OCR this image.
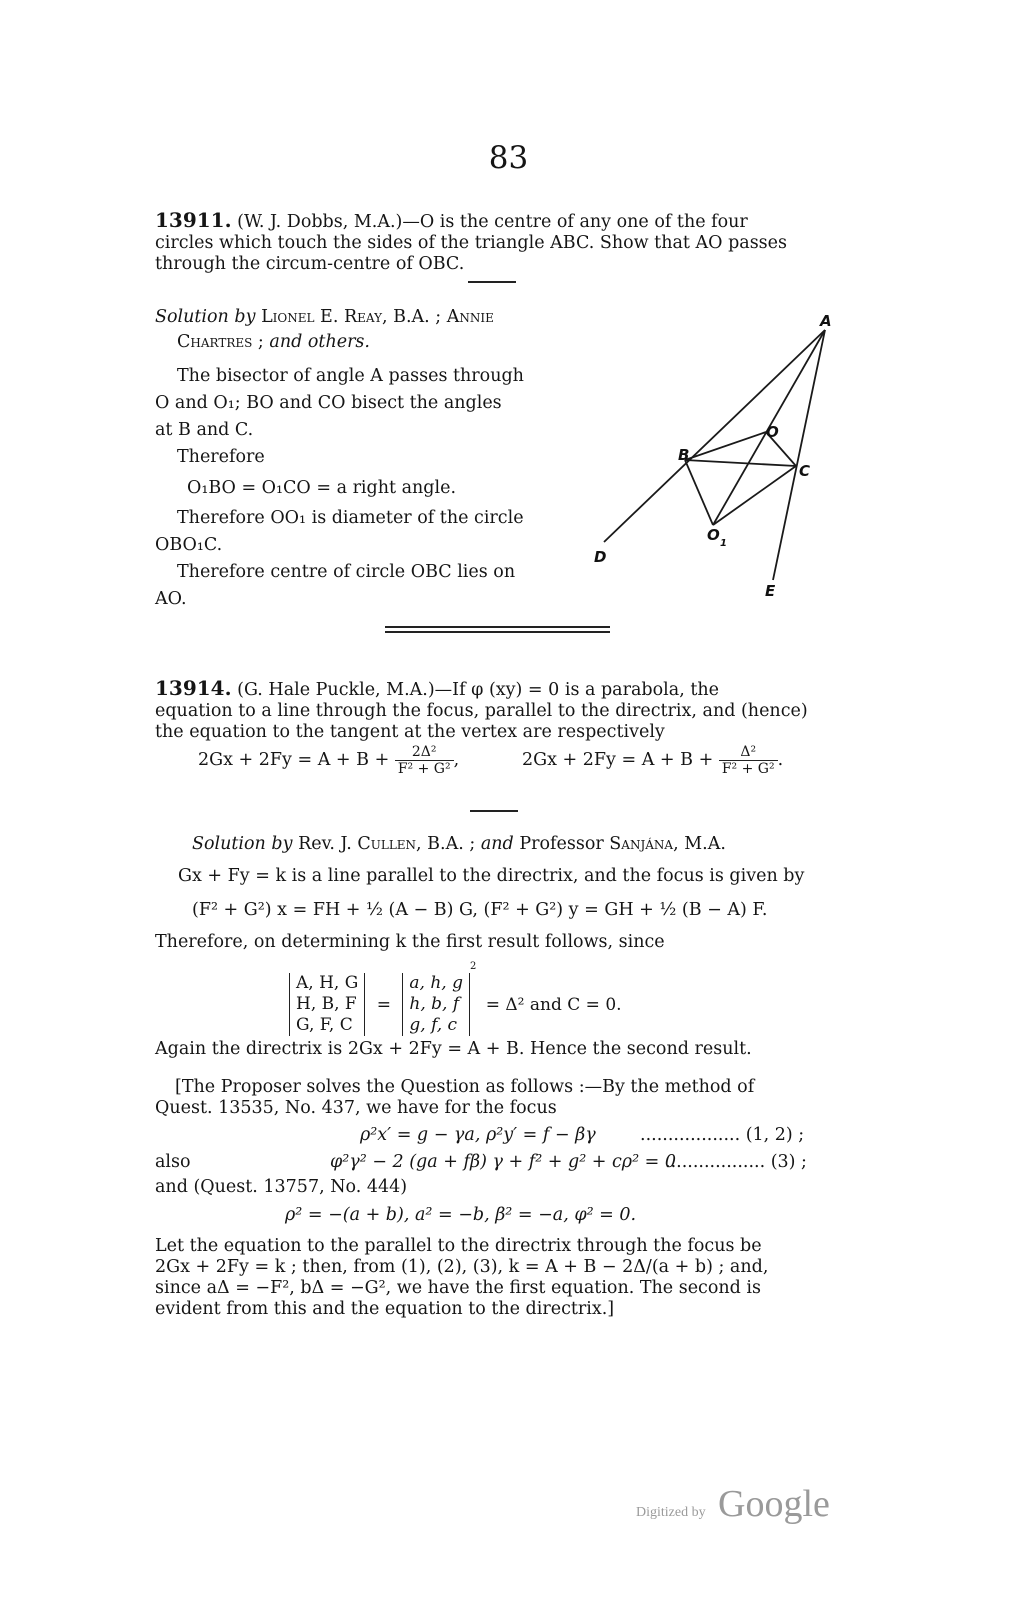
83

13911. (W. J. Dobbs, M.A.)—O is the centre of any one of the four

circles which touch the sides of the triangle ABC. Show that AO passes

through the circum-centre of OBC.

Solution by Lionel E. Reay, B.A. ; Annie

Chartres ; and others.

The bisector of angle A passes through

O and O₁; BO and CO bisect the angles

at B and C.

Therefore

O₁BO = O₁CO = a right angle.

Therefore OO₁ is diameter of the circle

OBO₁C.

Therefore centre of circle OBC lies on

AO.

A
B
C
O
O 1
D
E

13914. (G. Hale Puckle, M.A.)—If φ (xy) = 0 is a parabola, the

equation to a line through the focus, parallel to the directrix, and (hence)

the equation to the tangent at the vertex are respectively

$2Gx + 2Fy = A + B + \frac{\text{2Δ²}}{\text{F² + G²}}$ ,	$2Gx + 2Fy = A + B + \frac{\text{Δ²}}{\text{F² + G²}}$ .
Solution by Rev. J. Cullen, B.A. ; and Professor Sanjána, M.A.
Gx + Fy = k is a line parallel to the directrix, and the focus is given by
(F² + G²) x = FH + ½ (A − B) G, (F² + G²) y = GH + ½ (B − A) F.
Therefore, on determining k the first result follows, since
A, H, G
H, B, F
G, F, C
=
a, h, g
h, b, f
g, f, c
$^2$ = Δ² and C = 0.
Again the directrix is 2Gx + 2Fy = A + B. Hence the second result.

[The Proposer solves the Question as follows :—By the method of

Quest. 13535, No. 437, we have for the focus

ρ²x′ = g − γa, ρ²y′ = f − βγ	.................. (1, 2) ;
also	φ²γ² − 2 (ga + fβ) γ + f² + g² + cρ² = 0
.................. (3) ;
and (Quest. 13757, No. 444)
ρ² = −(a + b), a² = −b, β² = −a, φ² = 0.

Let the equation to the parallel to the directrix through the focus be

2Gx + 2Fy = k ; then, from (1), (2), (3), k = A + B − 2Δ/(a + b) ; and,

since aΔ = −F², bΔ = −G², we have the first equation. The second is

evident from this and the equation to the directrix.]

Digitized by Google
